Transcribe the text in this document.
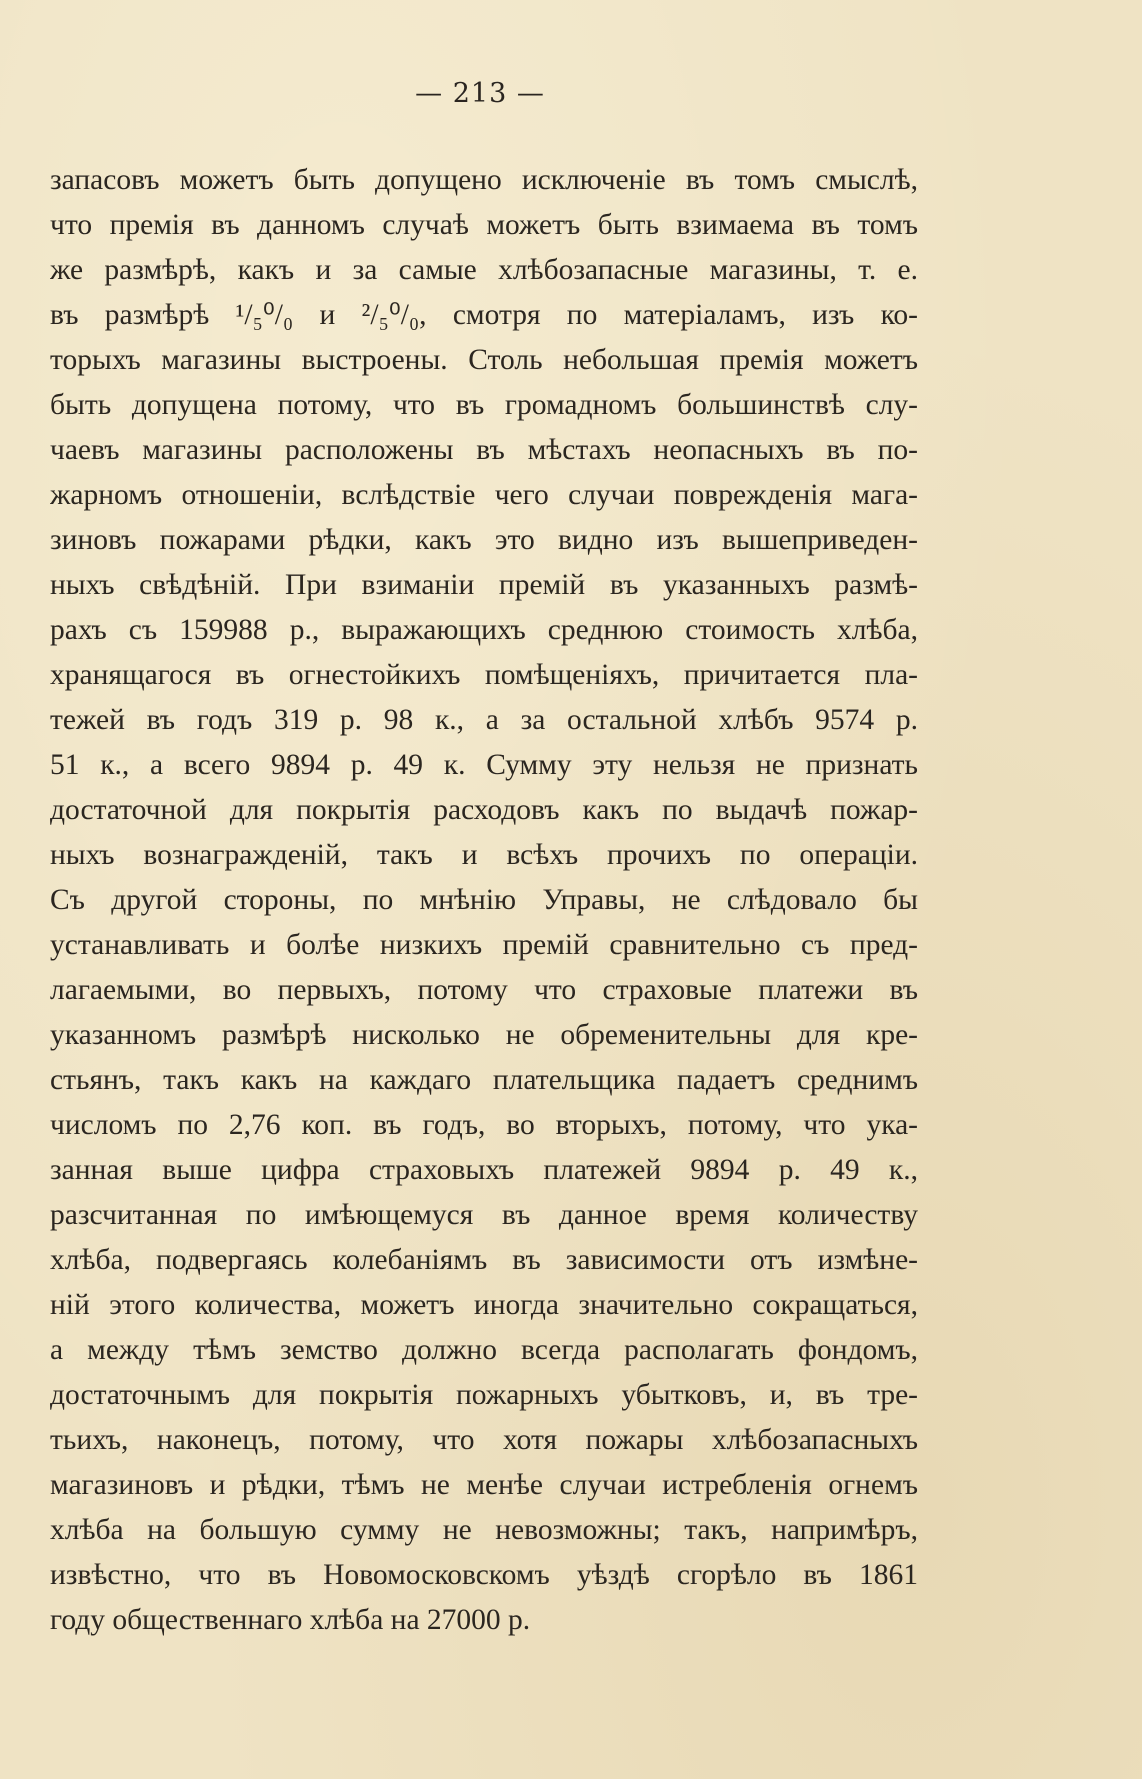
— 213 —
запасовъ можетъ быть допущено исключеніе въ томъ смыслѣ,
что премія въ данномъ случаѣ можетъ быть взимаема въ томъ
же размѣрѣ, какъ и за самые хлѣбозапасные магазины, т. е.
въ размѣрѣ ¹/₅⁰/₀ и ²/₅⁰/₀, смотря по матеріаламъ, изъ ко-
торыхъ магазины выстроены. Столь небольшая премія можетъ
быть допущена потому, что въ громадномъ большинствѣ слу-
чаевъ магазины расположены въ мѣстахъ неопасныхъ въ по-
жарномъ отношеніи, вслѣдствіе чего случаи поврежденія мага-
зиновъ пожарами рѣдки, какъ это видно изъ вышеприведен-
ныхъ свѣдѣній. При взиманіи премій въ указанныхъ размѣ-
рахъ съ 159988 р., выражающихъ среднюю стоимость хлѣба,
хранящагося въ огнестойкихъ помѣщеніяхъ, причитается пла-
тежей въ годъ 319 р. 98 к., а за остальной хлѣбъ 9574 р.
51 к., а всего 9894 р. 49 к. Сумму эту нельзя не признать
достаточной для покрытія расходовъ какъ по выдачѣ пожар-
ныхъ вознагражденій, такъ и всѣхъ прочихъ по операціи.
Съ другой стороны, по мнѣнію Управы, не слѣдовало бы
устанавливать и болѣе низкихъ премій сравнительно съ пред-
лагаемыми, во первыхъ, потому что страховые платежи въ
указанномъ размѣрѣ нисколько не обременительны для кре-
стьянъ, такъ какъ на каждаго плательщика падаетъ среднимъ
числомъ по 2,76 коп. въ годъ, во вторыхъ, потому, что ука-
занная выше цифра страховыхъ платежей 9894 р. 49 к.,
разсчитанная по имѣющемуся въ данное время количеству
хлѣба, подвергаясь колебаніямъ въ зависимости отъ измѣне-
ній этого количества, можетъ иногда значительно сокращаться,
а между тѣмъ земство должно всегда располагать фондомъ,
достаточнымъ для покрытія пожарныхъ убытковъ, и, въ тре-
тьихъ, наконецъ, потому, что хотя пожары хлѣбозапасныхъ
магазиновъ и рѣдки, тѣмъ не менѣе случаи истребленія огнемъ
хлѣба на большую сумму не невозможны; такъ, напримѣръ,
извѣстно, что въ Новомосковскомъ уѣздѣ сгорѣло въ 1861
году общественнаго хлѣба на 27000 р.
